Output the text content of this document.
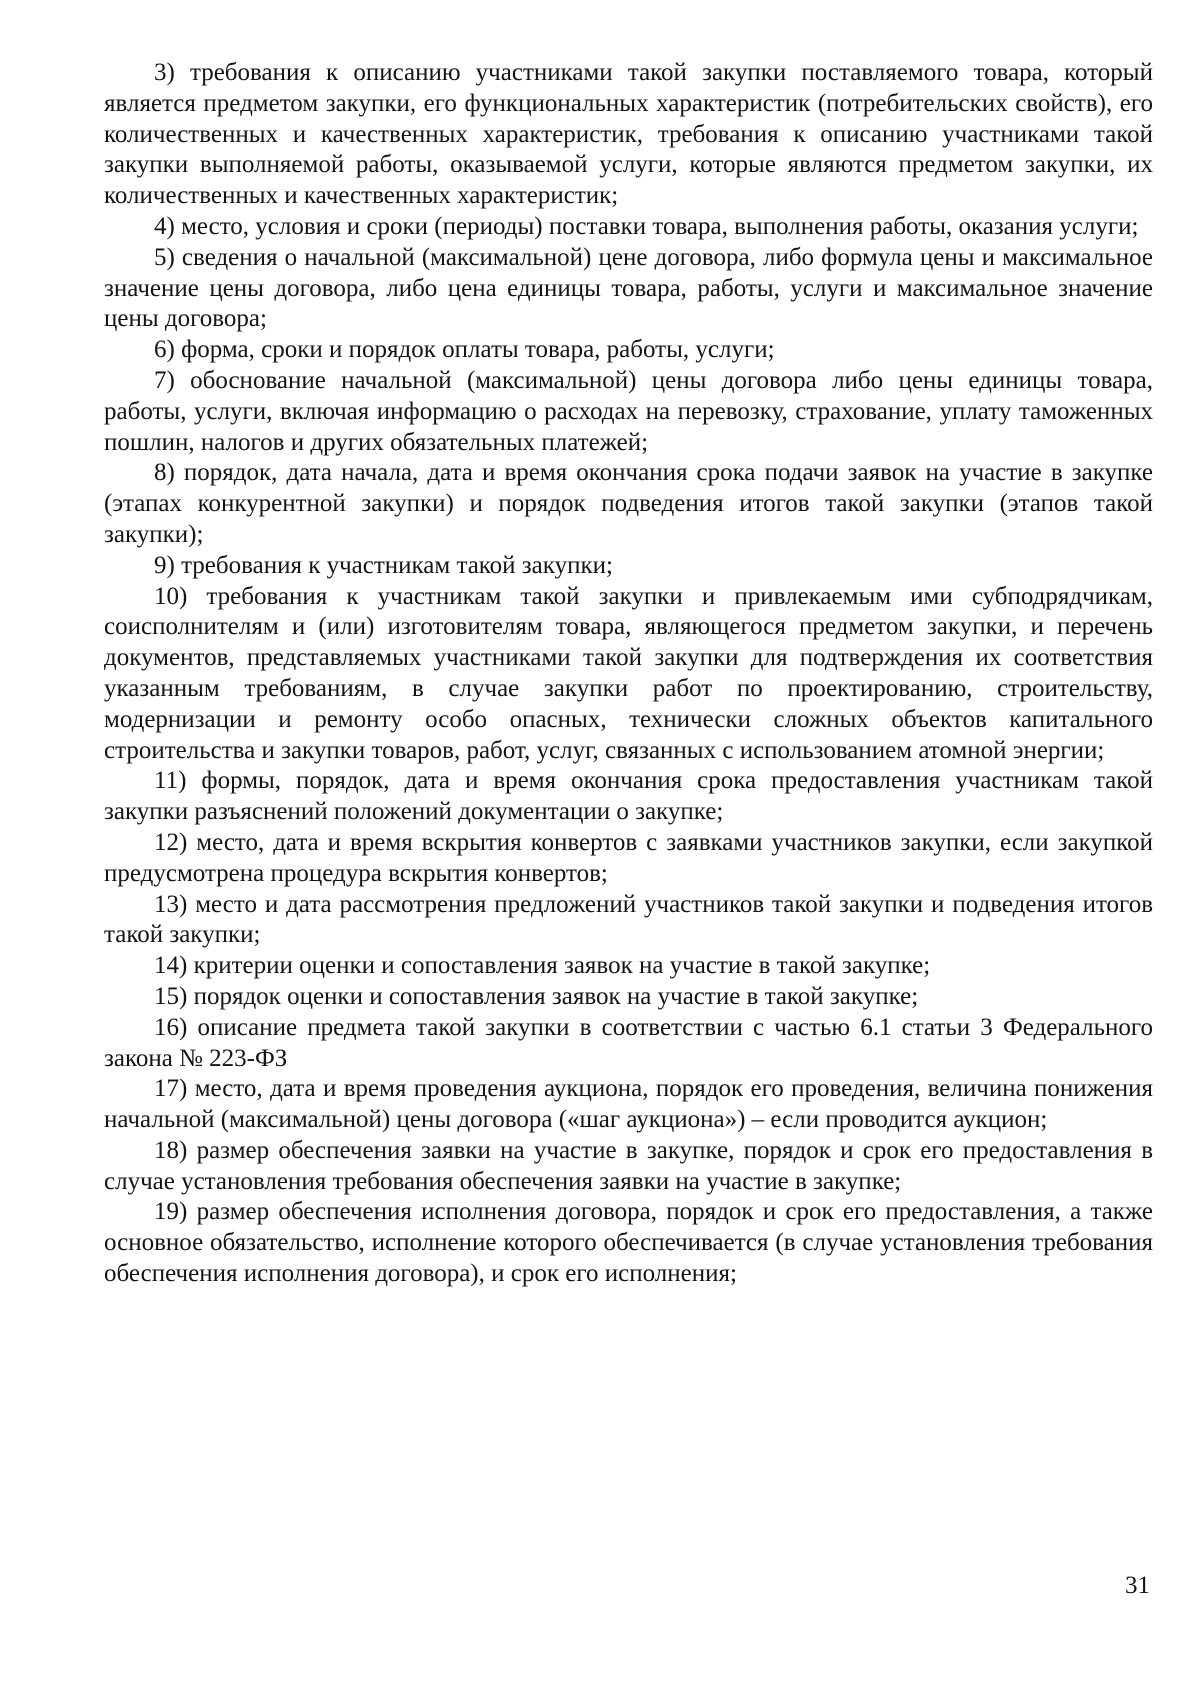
3) требования к описанию участниками такой закупки поставляемого товара, который является предметом закупки, его функциональных характеристик (потребительских свойств), его количественных и качественных характеристик, требования к описанию участниками такой закупки выполняемой работы, оказываемой услуги, которые являются предметом закупки, их количественных и качественных характеристик;

4) место, условия и сроки (периоды) поставки товара, выполнения работы, оказания услуги;

5) сведения о начальной (максимальной) цене договора, либо формула цены и максимальное значение цены договора, либо цена единицы товара, работы, услуги и максимальное значение цены договора;

6) форма, сроки и порядок оплаты товара, работы, услуги;

7) обоснование начальной (максимальной) цены договора либо цены единицы товара, работы, услуги, включая информацию о расходах на перевозку, страхование, уплату таможенных пошлин, налогов и других обязательных платежей;

8) порядок, дата начала, дата и время окончания срока подачи заявок на участие в закупке (этапах конкурентной закупки) и порядок подведения итогов такой закупки (этапов такой закупки);

9) требования к участникам такой закупки;

10) требования к участникам такой закупки и привлекаемым ими субподрядчикам, соисполнителям и (или) изготовителям товара, являющегося предметом закупки, и перечень документов, представляемых участниками такой закупки для подтверждения их соответствия указанным требованиям, в случае закупки работ по проектированию, строительству, модернизации и ремонту особо опасных, технически сложных объектов капитального строительства и закупки товаров, работ, услуг, связанных с использованием атомной энергии;

11) формы, порядок, дата и время окончания срока предоставления участникам такой закупки разъяснений положений документации о закупке;

12) место, дата и время вскрытия конвертов с заявками участников закупки, если закупкой предусмотрена процедура вскрытия конвертов;

13) место и дата рассмотрения предложений участников такой закупки и подведения итогов такой закупки;

14) критерии оценки и сопоставления заявок на участие в такой закупке;

15) порядок оценки и сопоставления заявок на участие в такой закупке;

16) описание предмета такой закупки в соответствии с частью 6.1 статьи 3 Федерального закона № 223-ФЗ

17) место, дата и время проведения аукциона, порядок его проведения, величина понижения начальной (максимальной) цены договора («шаг аукциона») – если проводится аукцион;

18) размер обеспечения заявки на участие в закупке, порядок и срок его предоставления в случае установления требования обеспечения заявки на участие в закупке;

19) размер обеспечения исполнения договора, порядок и срок его предоставления, а также основное обязательство, исполнение которого обеспечивается (в случае установления требования обеспечения исполнения договора), и срок его исполнения;

31
